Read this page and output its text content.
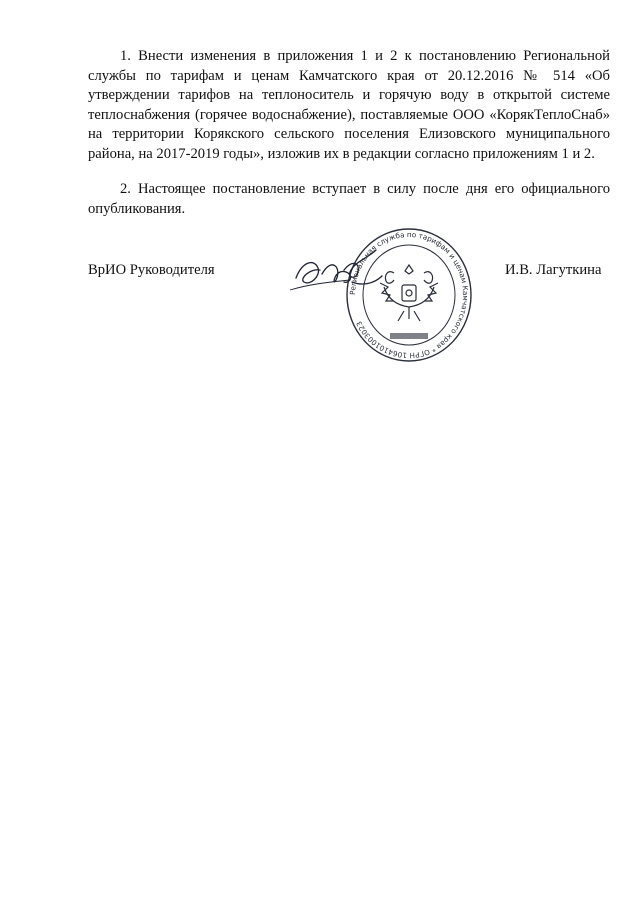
1. Внести изменения в приложения 1 и 2 к постановлению Региональной службы по тарифам и ценам Камчатского края от 20.12.2016 № 514 «Об утверждении тарифов на теплоноситель и горячую воду в открытой системе теплоснабжения (горячее водоснабжение), поставляемые ООО «КорякТеплоСнаб» на территории Корякского сельского поселения Елизовского муниципального района, на 2017-2019 годы», изложив их в редакции согласно приложениям 1 и 2.

2. Настоящее постановление вступает в силу после дня его официального опубликования.

ВрИО Руководителя	И.В. Лагуткина
Региональная служба по тарифам и ценам Камчатского края * ОГРН 1064101003023
